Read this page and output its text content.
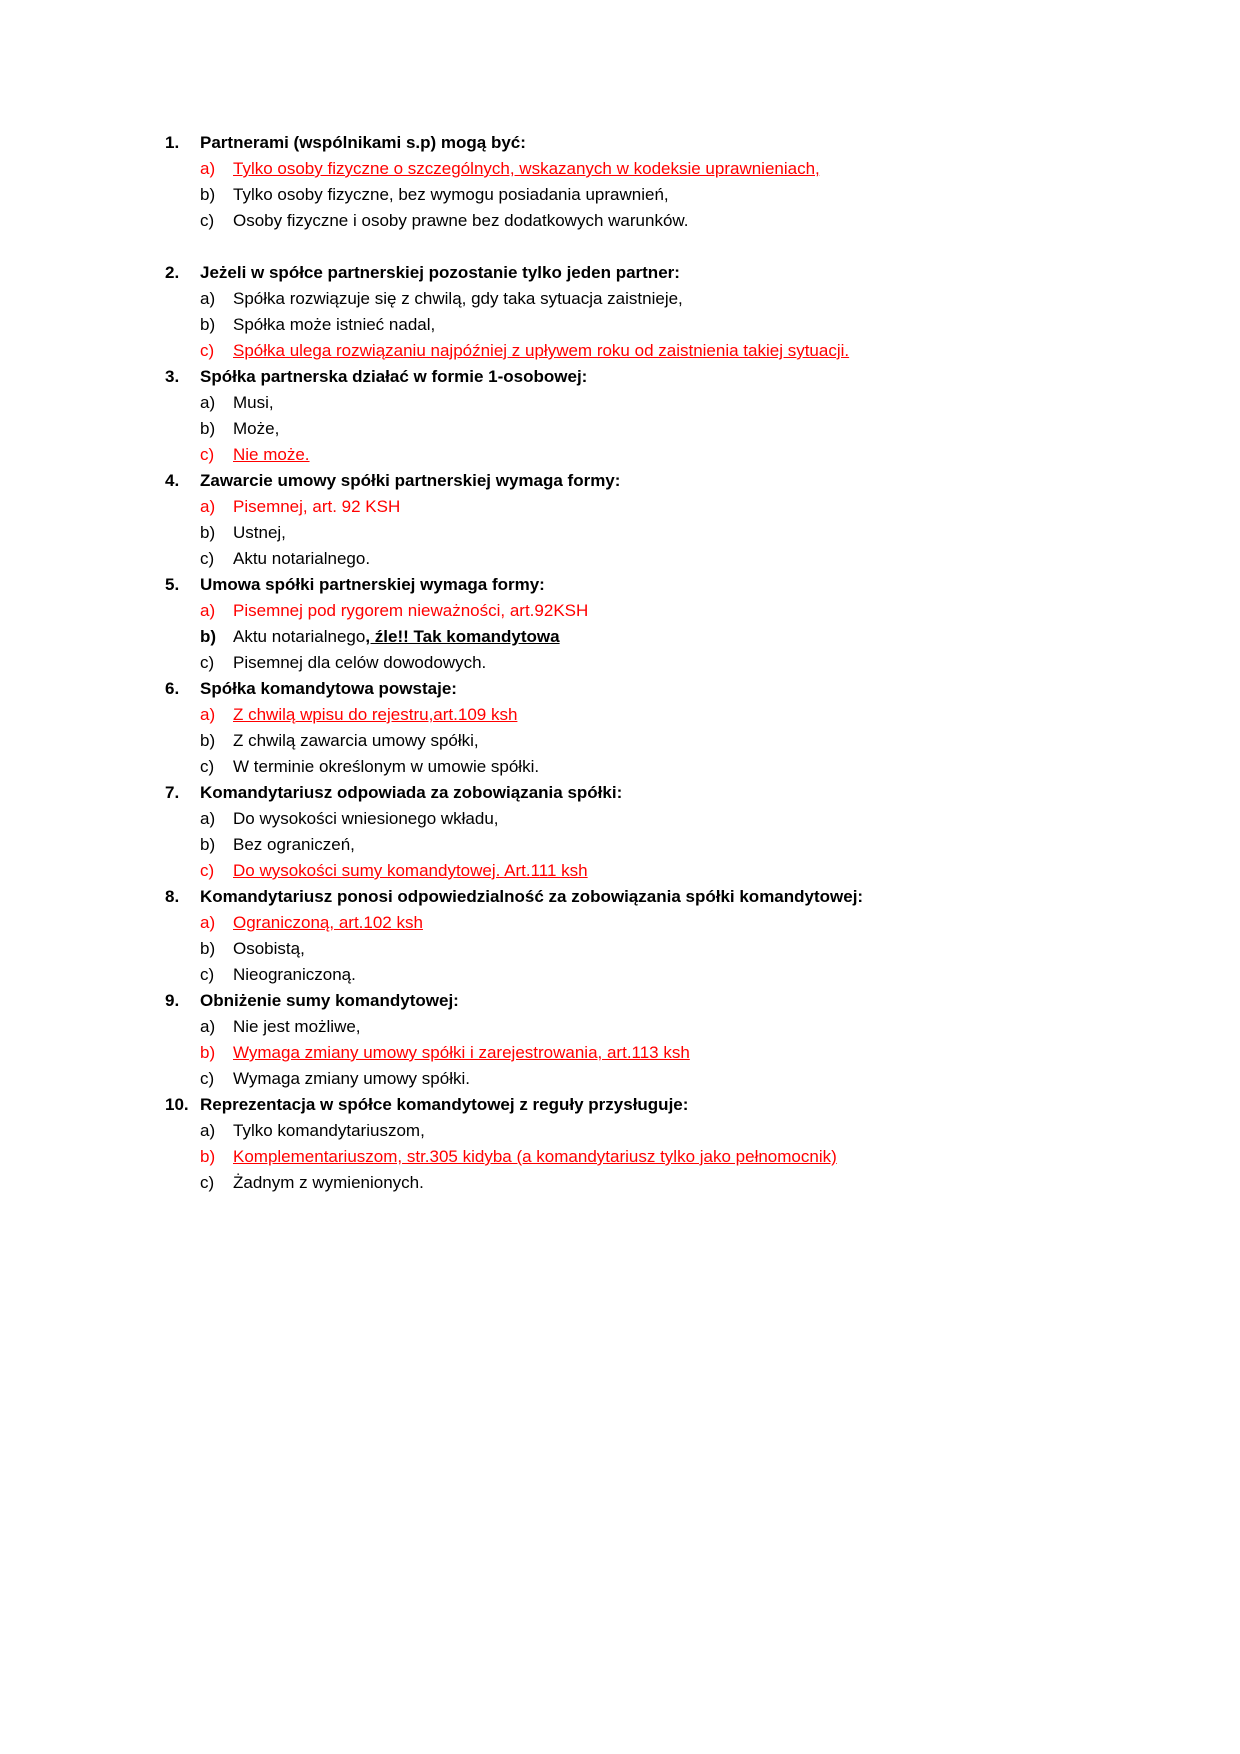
1.	Partnerami (wspólnikami s.p) mogą być:
a)	Tylko osoby fizyczne o szczególnych, wskazanych w kodeksie uprawnieniach,
b)	Tylko osoby fizyczne, bez wymogu posiadania uprawnień,
c)	Osoby fizyczne i osoby prawne bez dodatkowych warunków.
2.	Jeżeli w spółce partnerskiej pozostanie tylko jeden partner:
a)	Spółka rozwiązuje się z chwilą, gdy taka sytuacja zaistnieje,
b)	Spółka może istnieć nadal,
c)	Spółka ulega rozwiązaniu najpóźniej z upływem roku od zaistnienia takiej sytuacji.
3.	Spółka partnerska działać w formie 1-osobowej:
a)	Musi,
b)	Może,
c)	Nie może.
4.	Zawarcie umowy spółki partnerskiej wymaga formy:
a)	Pisemnej, art. 92 KSH
b)	Ustnej,
c)	Aktu notarialnego.
5.	Umowa spółki partnerskiej wymaga formy:
a)	Pisemnej pod rygorem nieważności, art.92KSH
b) Aktu notarialnego, źle!! Tak komandytowa
c)	Pisemnej dla celów dowodowych.
6.	Spółka komandytowa powstaje:
a)	Z chwilą wpisu do rejestru,art.109 ksh
b)	Z chwilą zawarcia umowy spółki,
c)	W terminie określonym w umowie spółki.
7.	Komandytariusz odpowiada za zobowiązania spółki:
a)	Do wysokości wniesionego wkładu,
b)	Bez ograniczeń,
c)	Do wysokości sumy komandytowej. Art.111 ksh
8.	Komandytariusz ponosi odpowiedzialność za zobowiązania spółki komandytowej:
a)	Ograniczoną, art.102 ksh
b)	Osobistą,
c)	Nieograniczoną.
9.	Obniżenie sumy komandytowej:
a)	Nie jest możliwe,
b)	Wymaga zmiany umowy spółki i zarejestrowania, art.113 ksh
c)	Wymaga zmiany umowy spółki.
10. Reprezentacja w spółce komandytowej z reguły przysługuje:
a)	Tylko komandytariuszom,
b)	Komplementariuszom, str.305 kidyba (a komandytariusz tylko jako pełnomocnik)
c)	Żadnym z wymienionych.
